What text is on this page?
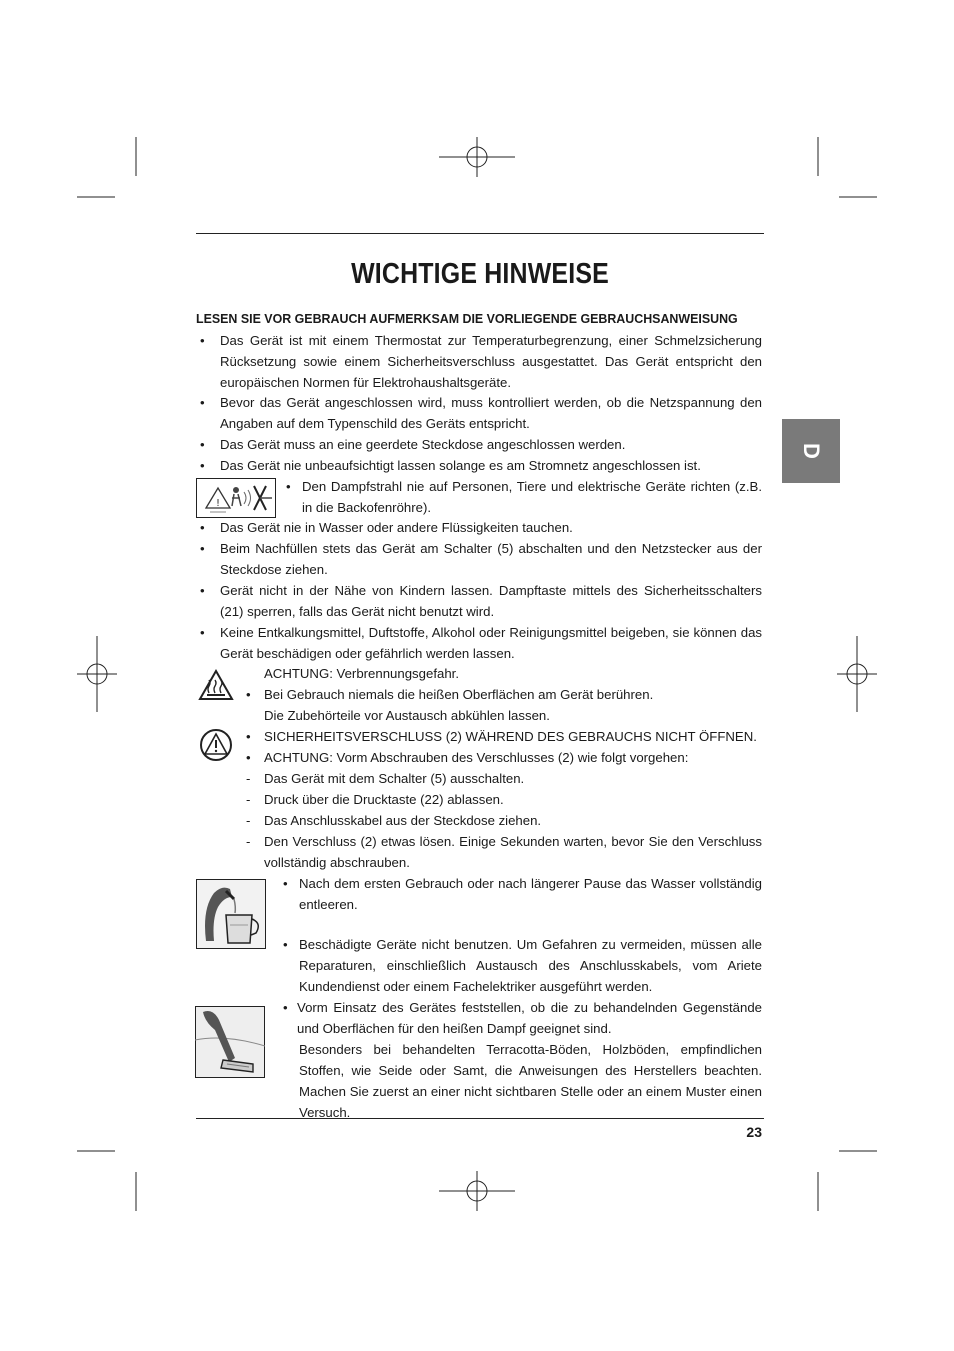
WICHTIGE HINWEISE
LESEN SIE VOR GEBRAUCH AUFMERKSAM DIE VORLIEGENDE GEBRAUCHSANWEISUNG
D
• Das Gerät ist mit einem Thermostat zur Temperaturbegrenzung, einer Schmelzsicherung Rücksetzung sowie einem Sicherheitsverschluss ausgestattet. Das Gerät entspricht den europäischen Normen für Elektrohaushaltsgeräte.
• Bevor das Gerät angeschlossen wird, muss kontrolliert werden, ob die Netzspannung den Angaben auf dem Typenschild des Geräts entspricht.
• Das Gerät muss an eine geerdete Steckdose angeschlossen werden.
• Das Gerät nie unbeaufsichtigt lassen solange es am Stromnetz angeschlossen ist.
!
• Den Dampfstrahl nie auf Personen, Tiere und elektrische Geräte richten (z.B. in die Backofenröhre).
• Das Gerät nie in Wasser oder andere Flüssigkeiten tauchen.
• Beim Nachfüllen stets das Gerät am Schalter (5) abschalten und den Netzstecker aus der Steckdose ziehen.
• Gerät nicht in der Nähe von Kindern lassen. Dampftaste mittels des Sicherheitsschalters (21) sperren, falls das Gerät nicht benutzt wird.
• Keine Entkalkungsmittel, Duftstoffe, Alkohol oder Reinigungsmittel beigeben, sie können das Gerät beschädigen oder gefährlich werden lassen.
ACHTUNG: Verbrennungsgefahr.
• Bei Gebrauch niemals die heißen Oberflächen am Gerät berühren.
Die Zubehörteile vor Austausch abkühlen lassen.
• SICHERHEITSVERSCHLUSS (2) WÄHREND DES GEBRAUCHS NICHT ÖFFNEN.
• ACHTUNG: Vorm Abschrauben des Verschlusses (2) wie folgt vorgehen:
- Das Gerät mit dem Schalter (5) ausschalten.
- Druck über die Drucktaste (22) ablassen.
- Das Anschlusskabel aus der Steckdose ziehen.
- Den Verschluss (2) etwas lösen. Einige Sekunden warten, bevor Sie den Verschluss vollständig abschrauben.
• Nach dem ersten Gebrauch oder nach längerer Pause das Wasser vollständig entleeren.
• Beschädigte Geräte nicht benutzen. Um Gefahren zu vermeiden, müssen alle Reparaturen, einschließlich Austausch des Anschlusskabels, vom Ariete Kundendienst oder einem Fachelektriker ausgeführt werden.
• Vorm Einsatz des Gerätes feststellen, ob die zu behandelnden Gegenstände und Oberflächen für den heißen Dampf geeignet sind.
Besonders bei behandelten Terracotta-Böden, Holzböden, empfindlichen Stoffen, wie Seide oder Samt, die Anweisungen des Herstellers beachten. Machen Sie zuerst an einer nicht sichtbaren Stelle oder an einem Muster einen Versuch.
23
